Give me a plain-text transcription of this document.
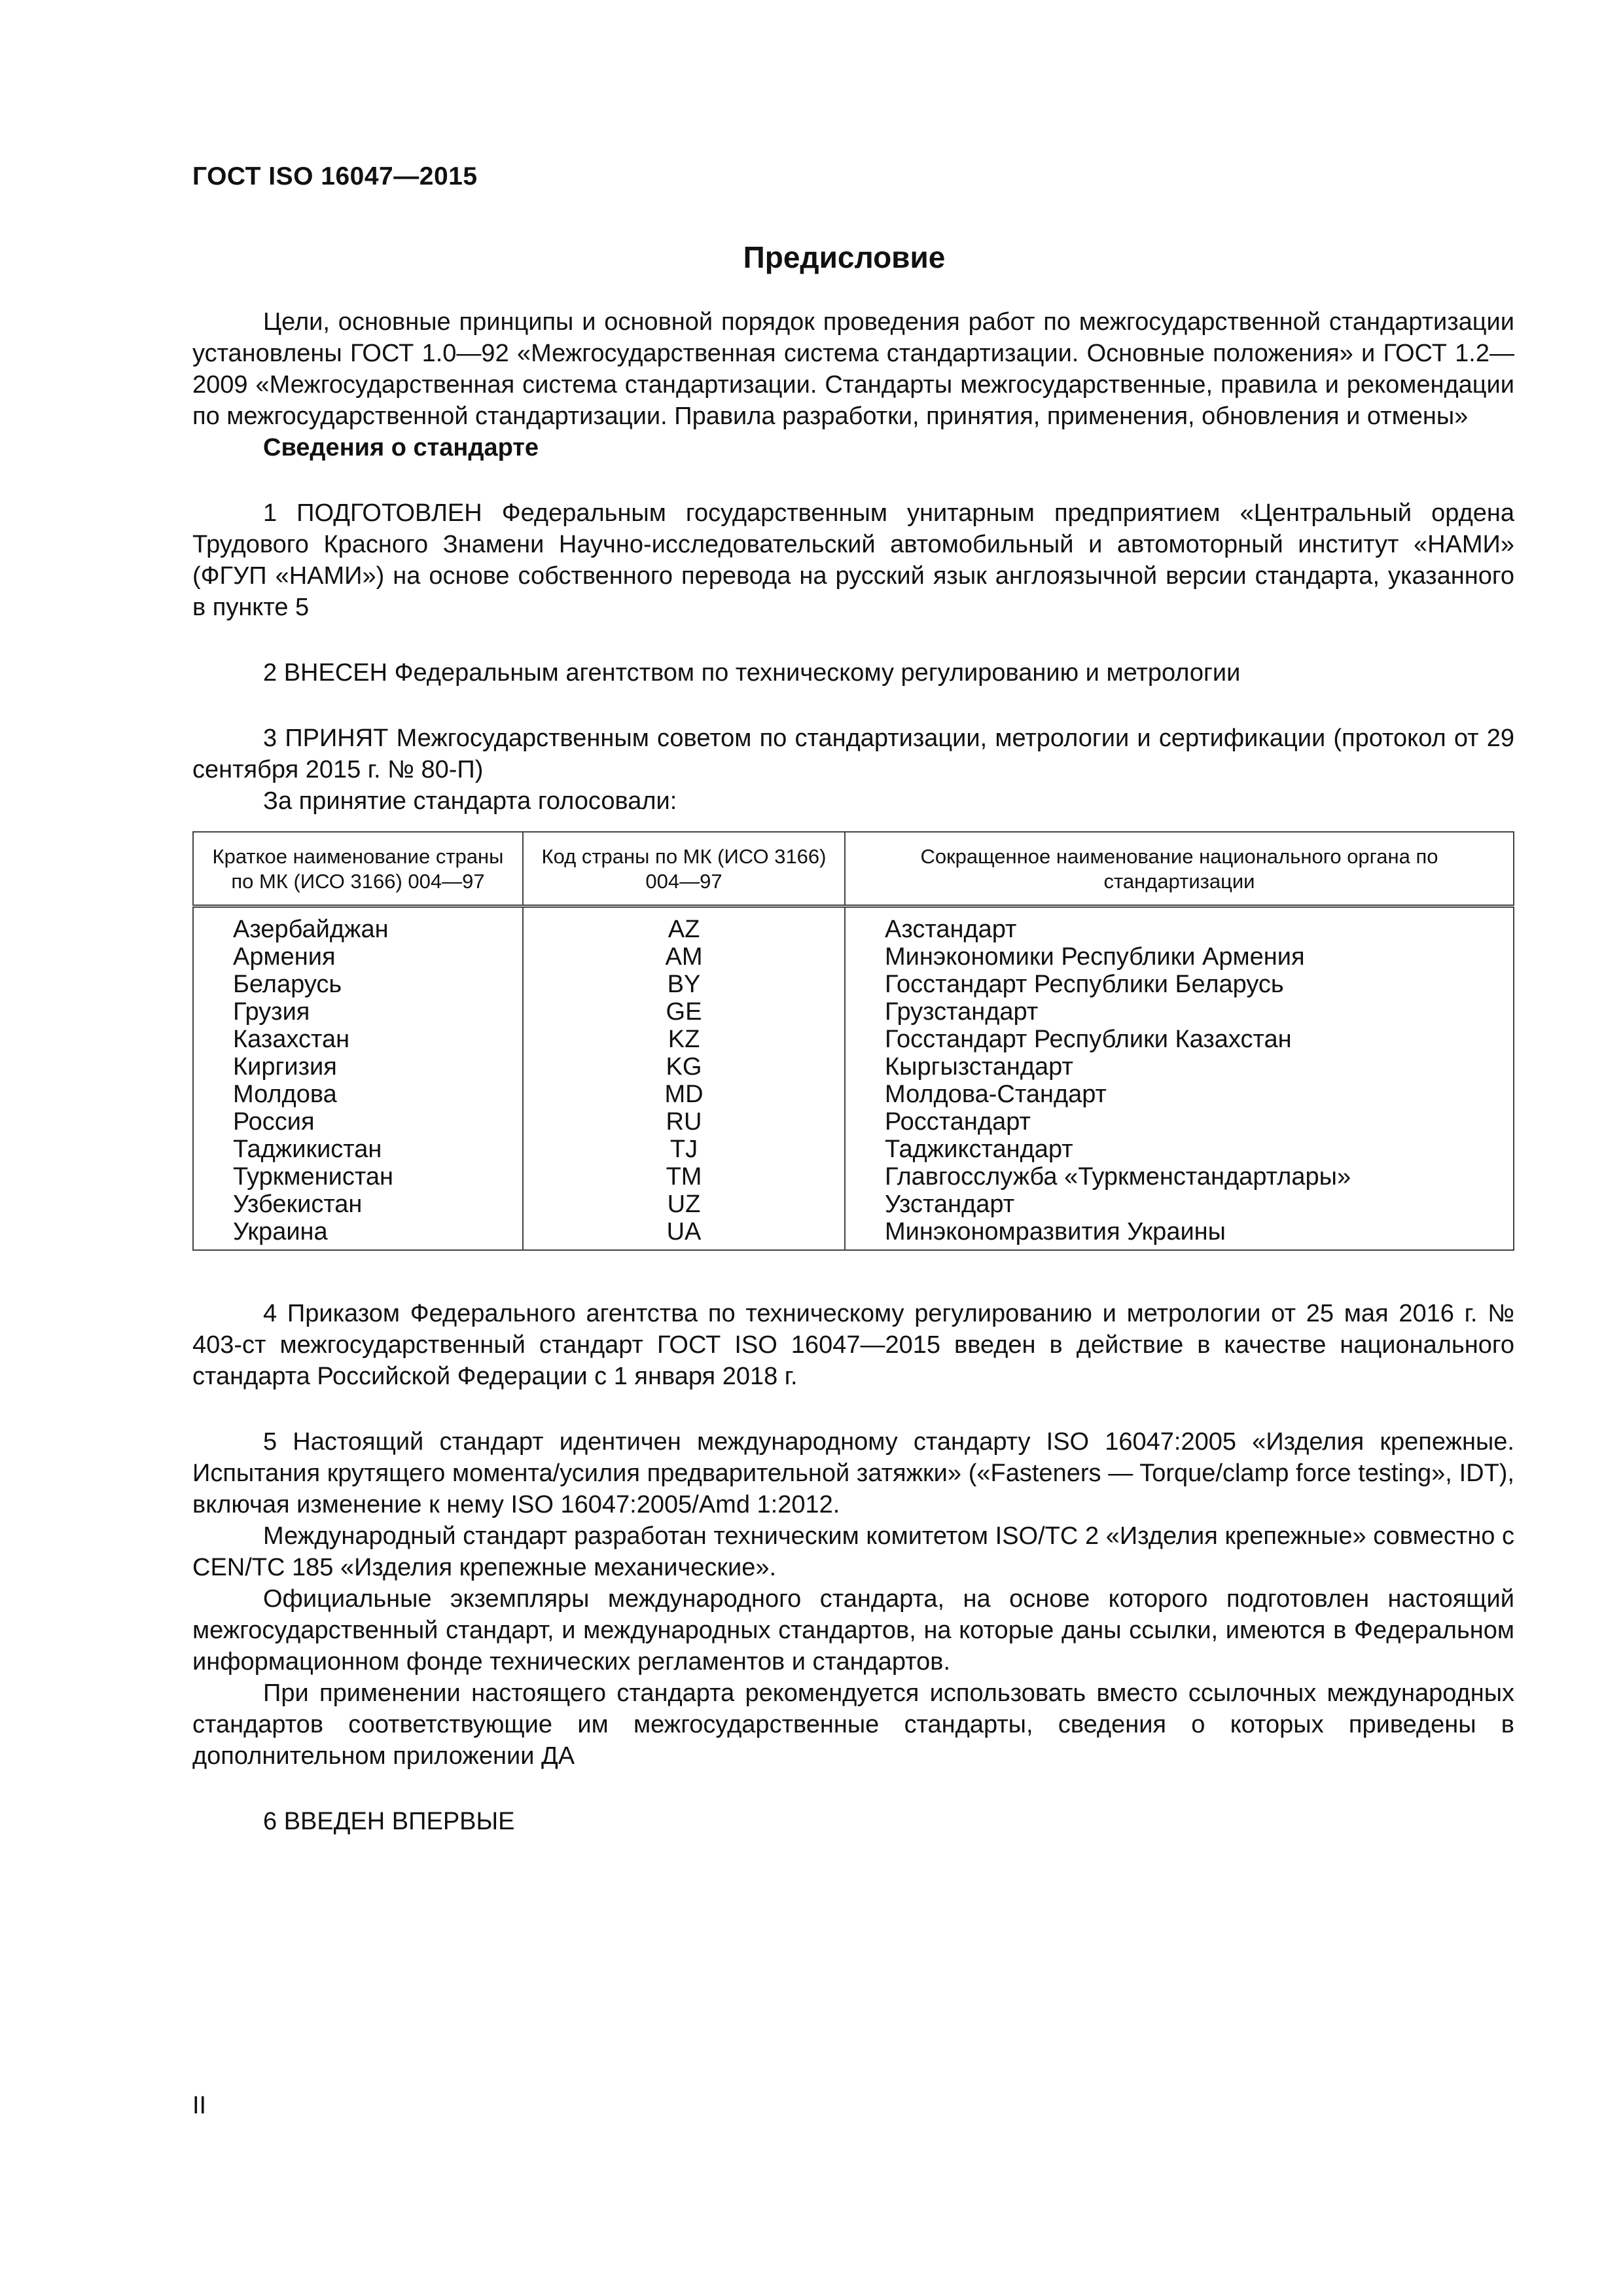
ГОСТ ISO 16047—2015
Предисловие

Цели, основные принципы и основной порядок проведения работ по межгосударственной стандартизации установлены ГОСТ 1.0—92 «Межгосударственная система стандартизации. Основные положения» и ГОСТ 1.2—2009 «Межгосударственная система стандартизации. Стандарты межгосударственные, правила и рекомендации по межгосударственной стандартизации. Правила разработки, принятия, применения, обновления и отмены»

Сведения о стандарте

1 ПОДГОТОВЛЕН Федеральным государственным унитарным предприятием «Центральный ордена Трудового Красного Знамени Научно-исследовательский автомобильный и автомоторный институт «НАМИ» (ФГУП «НАМИ») на основе собственного перевода на русский язык англоязычной версии стандарта, указанного в пункте 5

2 ВНЕСЕН Федеральным агентством по техническому регулированию и метрологии

3 ПРИНЯТ Межгосударственным советом по стандартизации, метрологии и сертификации (протокол от 29 сентября 2015 г. № 80-П)

За принятие стандарта голосовали:

Краткое наименование страны по МК (ИСО 3166) 004—97	Код страны по МК (ИСО 3166) 004—97	Сокращенное наименование национального органа по стандартизации
Азербайджан	AZ	Азстандарт
Армения	AM	Минэкономики Республики Армения
Беларусь	BY	Госстандарт Республики Беларусь
Грузия	GE	Грузстандарт
Казахстан	KZ	Госстандарт Республики Казахстан
Киргизия	KG	Кыргызстандарт
Молдова	MD	Молдова-Стандарт
Россия	RU	Росстандарт
Таджикистан	TJ	Таджикстандарт
Туркменистан	TM	Главгосслужба «Туркменстандартлары»
Узбекистан	UZ	Узстандарт
Украина	UA	Минэкономразвития Украины

4 Приказом Федерального агентства по техническому регулированию и метрологии от 25 мая 2016 г. № 403-ст межгосударственный стандарт ГОСТ ISO 16047—2015 введен в действие в качестве национального стандарта Российской Федерации с 1 января 2018 г.

5 Настоящий стандарт идентичен международному стандарту ISO 16047:2005 «Изделия крепежные. Испытания крутящего момента/усилия предварительной затяжки» («Fasteners — Torque/clamp force testing», IDT), включая изменение к нему ISO 16047:2005/Amd 1:2012.

Международный стандарт разработан техническим комитетом ISO/TC 2 «Изделия крепежные» совместно с CEN/TC 185 «Изделия крепежные механические».

Официальные экземпляры международного стандарта, на основе которого подготовлен настоящий межгосударственный стандарт, и международных стандартов, на которые даны ссылки, имеются в Федеральном информационном фонде технических регламентов и стандартов.

При применении настоящего стандарта рекомендуется использовать вместо ссылочных международных стандартов соответствующие им межгосударственные стандарты, сведения о которых приведены в дополнительном приложении ДА

6 ВВЕДЕН ВПЕРВЫЕ

II
